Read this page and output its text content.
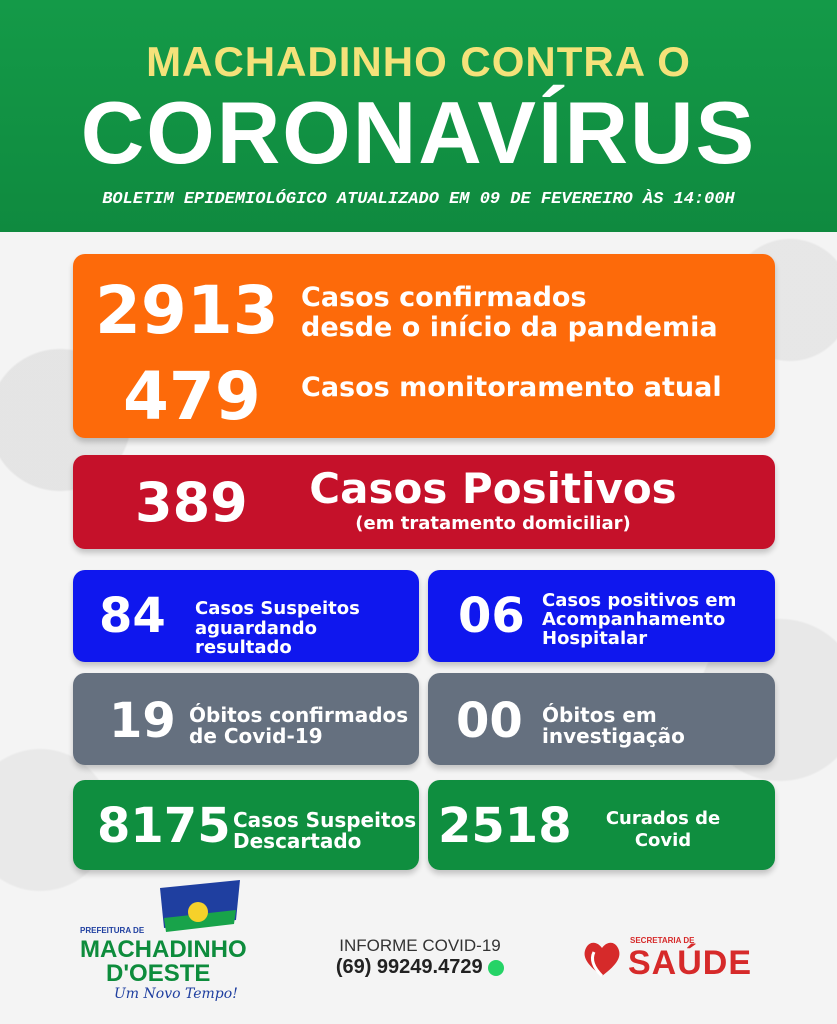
MACHADINHO CONTRA O
CORONAVÍRUS
BOLETIM EPIDEMIOLÓGICO ATUALIZADO EM 09 DE FEVEREIRO ÀS 14:00H
2913 Casos confirmados
desde o início da pandemia
479 Casos monitoramento atual
389 Casos Positivos
(em tratamento domiciliar)
84 Casos Suspeitos
aguardando resultado
06 Casos positivos em
Acompanhamento
Hospitalar
19 Óbitos confirmados
de Covid-19	00 Óbitos em
investigação
8175 Casos Suspeitos
Descartado 2518	Curados de
Covid
PREFEITURA DE
MACHADINHO
D'OESTE
Um Novo Tempo!
INFORME COVID-19
(69) 99249.4729
SECRETARIA DE
SAÚDE
